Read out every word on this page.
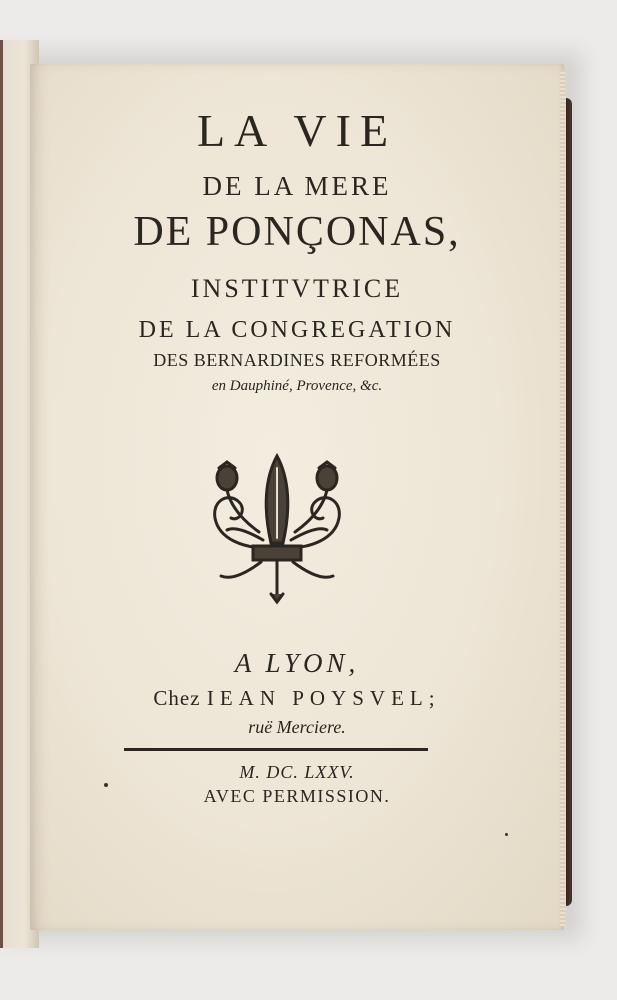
LA VIE
DE LA MERE
DE PONÇONAS,
INSTITVTRICE
DE LA CONGREGATION
DES BERNARDINES REFORMÉES
en Dauphiné, Provence, &c.
A LYON,
Chez IEAN POYSVEL;
ruë Merciere.
M. DC. LXXV.
AVEC PERMISSION.
